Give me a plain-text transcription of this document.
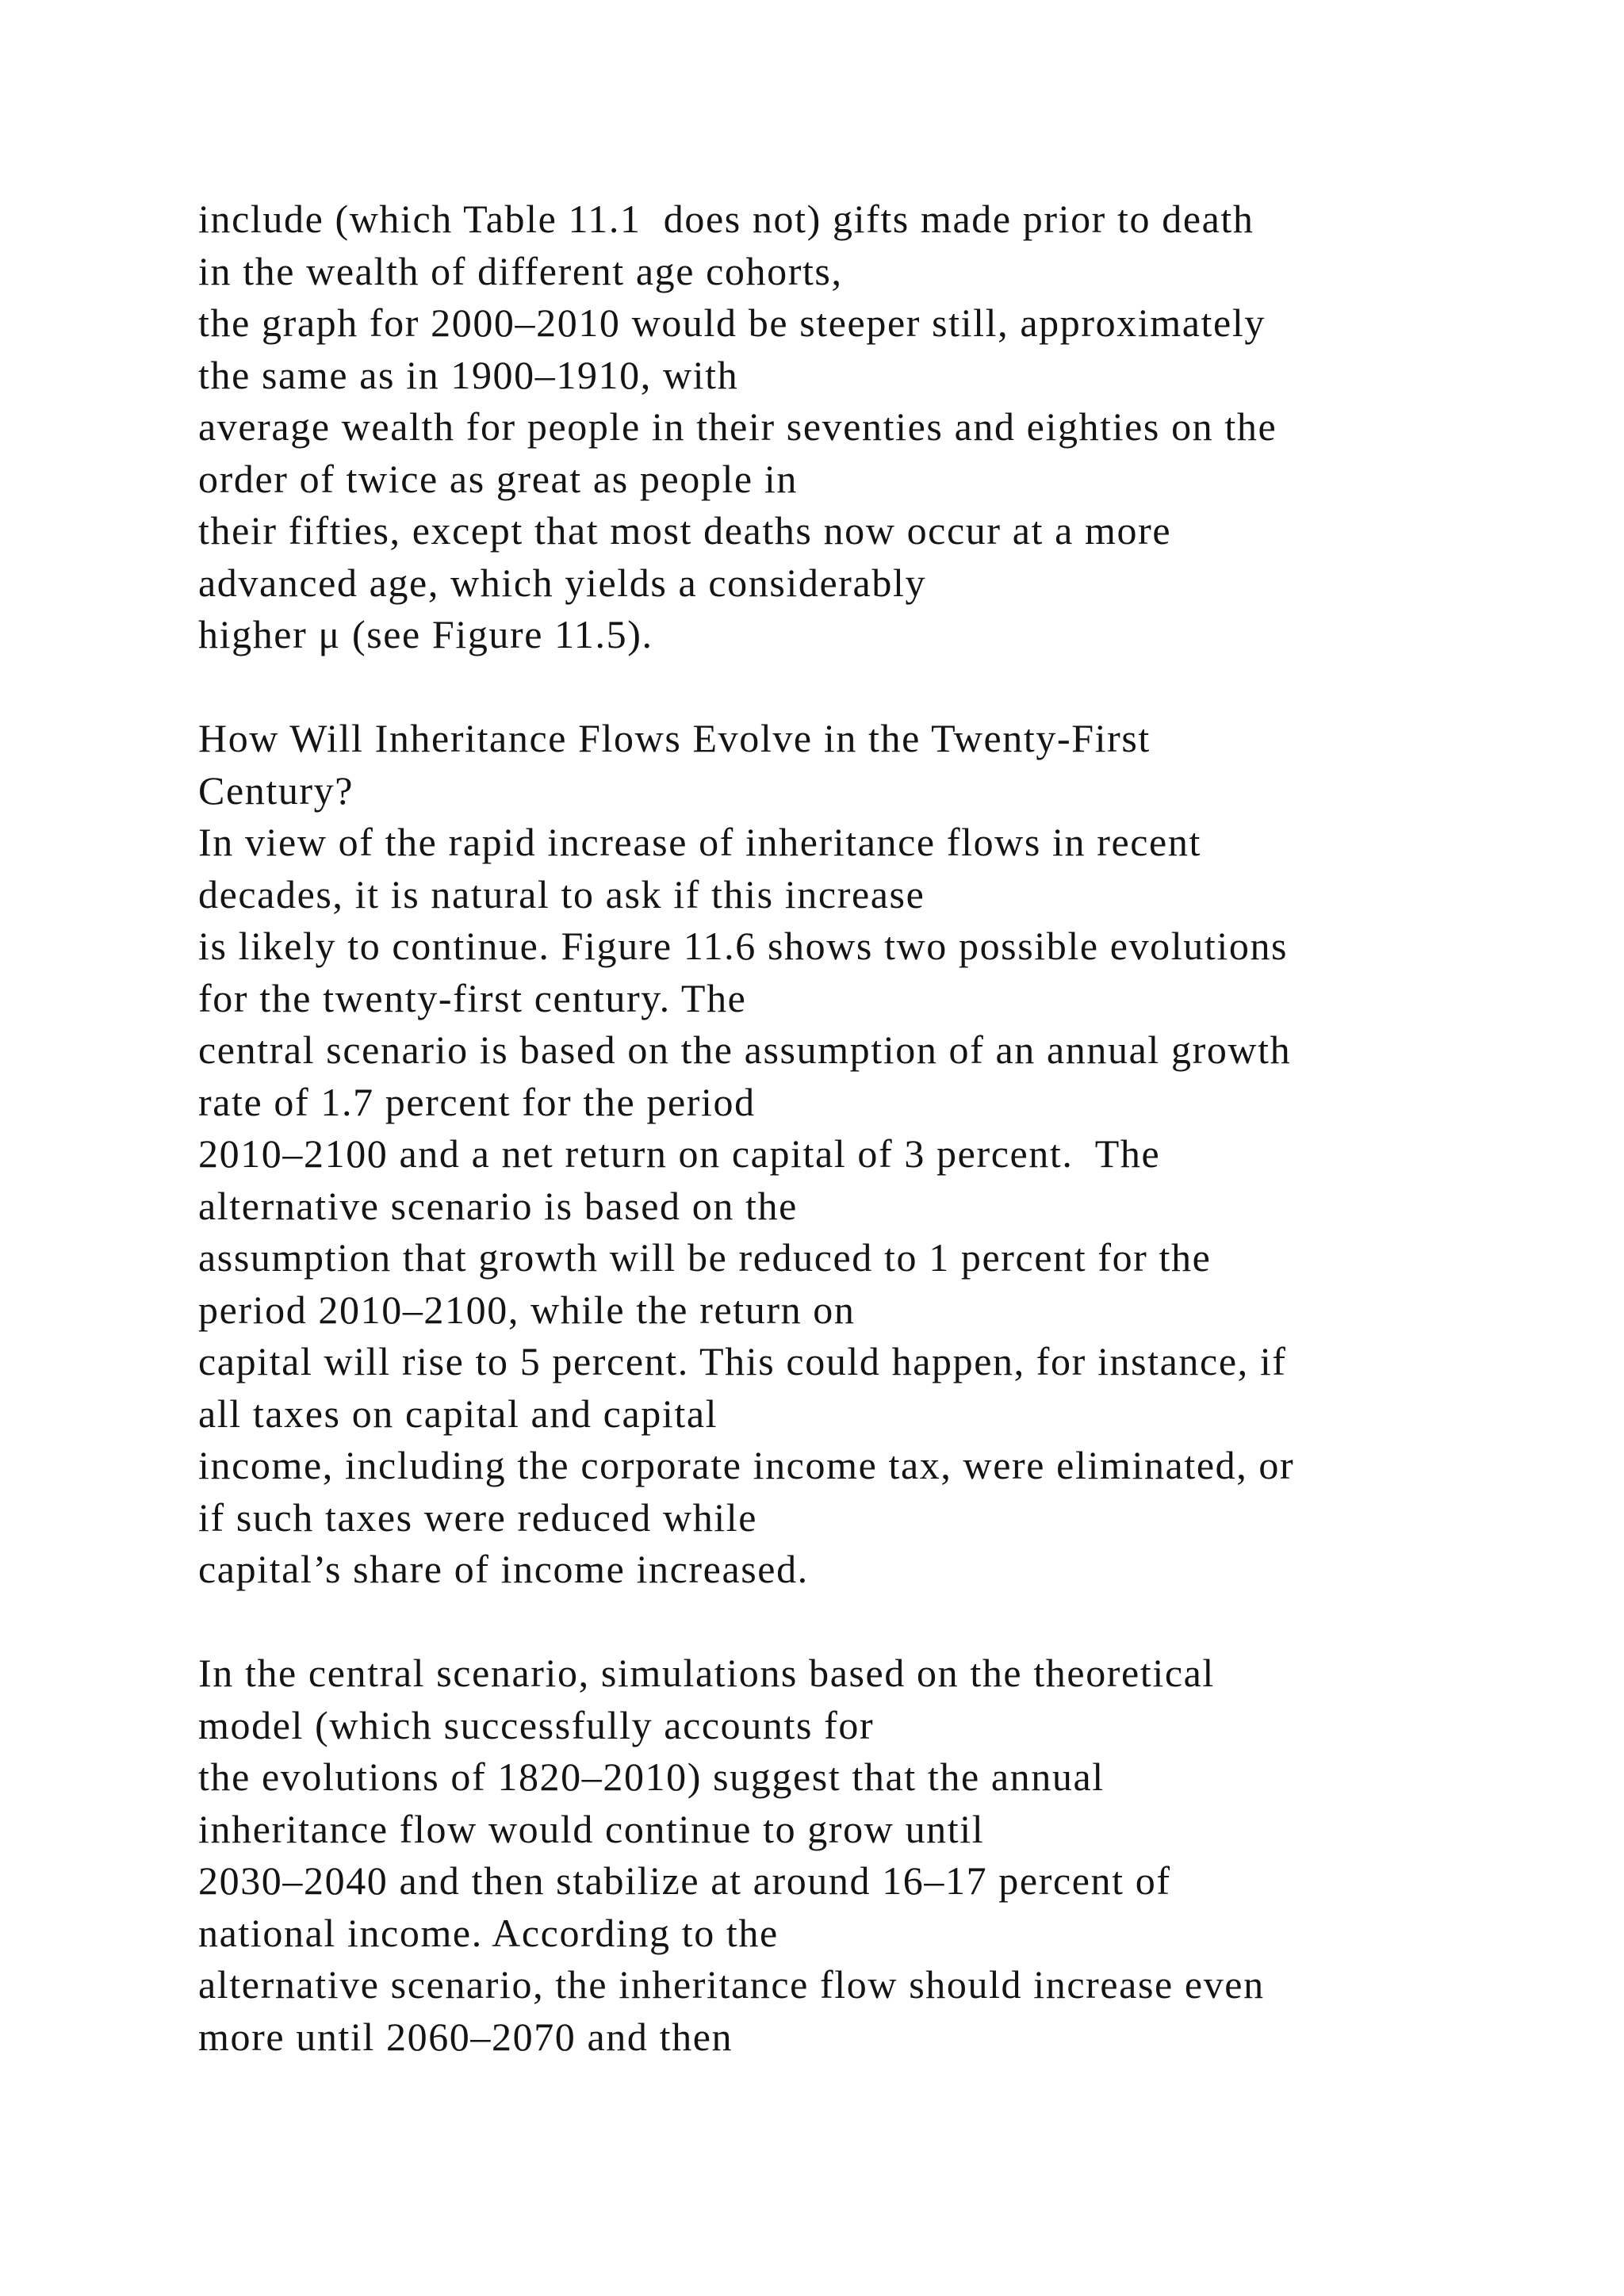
include (which Table 11.1  does not) gifts made prior to death
in the wealth of different age cohorts,
the graph for 2000–2010 would be steeper still, approximately
the same as in 1900–1910, with
average wealth for people in their seventies and eighties on the
order of twice as great as people in
their fifties, except that most deaths now occur at a more
advanced age, which yields a considerably
higher μ (see Figure 11.5).
How Will Inheritance Flows Evolve in the Twenty-First
Century?
In view of the rapid increase of inheritance flows in recent
decades, it is natural to ask if this increase
is likely to continue. Figure 11.6 shows two possible evolutions
for the twenty-first century. The
central scenario is based on the assumption of an annual growth
rate of 1.7 percent for the period
2010–2100 and a net return on capital of 3 percent.  The
alternative scenario is based on the
assumption that growth will be reduced to 1 percent for the
period 2010–2100, while the return on
capital will rise to 5 percent. This could happen, for instance, if
all taxes on capital and capital
income, including the corporate income tax, were eliminated, or
if such taxes were reduced while
capital’s share of income increased.
In the central scenario, simulations based on the theoretical
model (which successfully accounts for
the evolutions of 1820–2010) suggest that the annual
inheritance flow would continue to grow until
2030–2040 and then stabilize at around 16–17 percent of
national income. According to the
alternative scenario, the inheritance flow should increase even
more until 2060–2070 and then
